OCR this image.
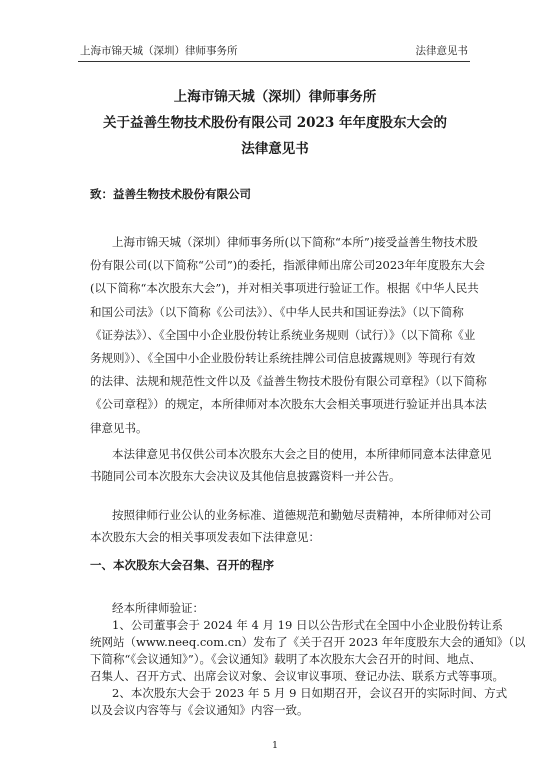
上海市锦天城（深圳）律师事务所	法律意见书
上海市锦天城（深圳）律师事务所
关于益善生物技术股份有限公司 2023 年年度股东大会的
法律意见书
致：益善生物技术股份有限公司
上海市锦天城（深圳）律师事务所(以下简称“本所”)接受益善生物技术股
份有限公司(以下简称“公司”)的委托，指派律师出席公司2023年年度股东大会
(以下简称“本次股东大会”)，并对相关事项进行验证工作。根据《中华人民共
和国公司法》（以下简称《公司法》）、《中华人民共和国证券法》（以下简称
《证券法》）、《全国中小企业股份转让系统业务规则（试行）》（以下简称《业
务规则》）、《全国中小企业股份转让系统挂牌公司信息披露规则》等现行有效
的法律、法规和规范性文件以及《益善生物技术股份有限公司章程》（以下简称
《公司章程》）的规定，本所律师对本次股东大会相关事项进行验证并出具本法
律意见书。
本法律意见书仅供公司本次股东大会之目的使用，本所律师同意本法律意见
书随同公司本次股东大会决议及其他信息披露资料一并公告。
按照律师行业公认的业务标准、道德规范和勤勉尽责精神，本所律师对公司
本次股东大会的相关事项发表如下法律意见：
一、本次股东大会召集、召开的程序
经本所律师验证：
1、公司董事会于 2024 年 4 月 19 日以公告形式在全国中小企业股份转让系
统网站（www.neeq.com.cn）发布了《关于召开 2023 年年度股东大会的通知》（以
下简称“《会议通知》”）。《会议通知》载明了本次股东大会召开的时间、地点、
召集人、召开方式、出席会议对象、会议审议事项、登记办法、联系方式等事项。
2、本次股东大会于 2023 年 5 月 9 日如期召开，会议召开的实际时间、方式
以及会议内容等与《会议通知》内容一致。
1
